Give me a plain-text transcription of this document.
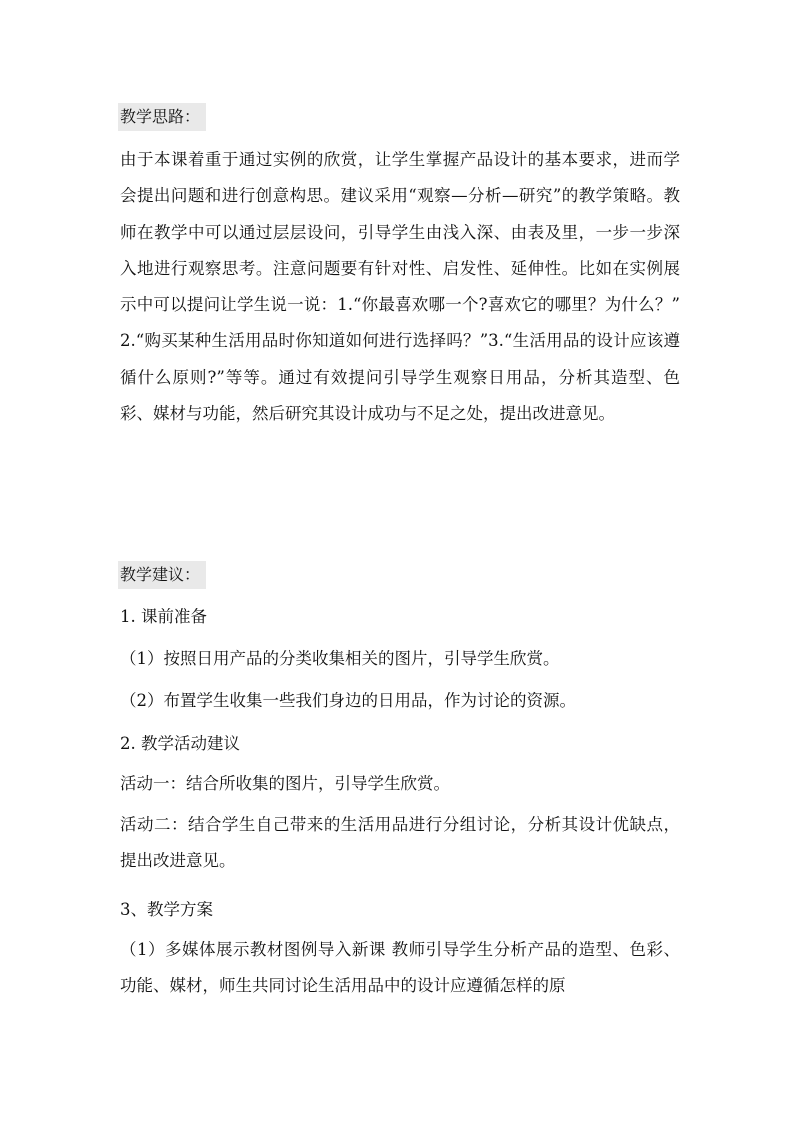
教学思路：
由于本课着重于通过实例的欣赏，让学生掌握产品设计的基本要求，进而学会提出问题和进行创意构思。建议采用“观察—分析—研究”的教学策略。教师在教学中可以通过层层设问，引导学生由浅入深、由表及里，一步一步深入地进行观察思考。注意问题要有针对性、启发性、延伸性。比如在实例展示中可以提问让学生说一说：1.“你最喜欢哪一个?喜欢它的哪里？为什么？” 2.“购买某种生活用品时你知道如何进行选择吗？”3.“生活用品的设计应该遵循什么原则?”等等。通过有效提问引导学生观察日用品，分析其造型、色彩、媒材与功能，然后研究其设计成功与不足之处，提出改进意见。
教学建议：
1. 课前准备
（1）按照日用产品的分类收集相关的图片，引导学生欣赏。
（2）布置学生收集一些我们身边的日用品，作为讨论的资源。
2. 教学活动建议
活动一：结合所收集的图片，引导学生欣赏。
活动二：结合学生自己带来的生活用品进行分组讨论，分析其设计优缺点，提出改进意见。
3、教学方案
（1）多媒体展示教材图例导入新课 教师引导学生分析产品的造型、色彩、功能、媒材，师生共同讨论生活用品中的设计应遵循怎样的原
